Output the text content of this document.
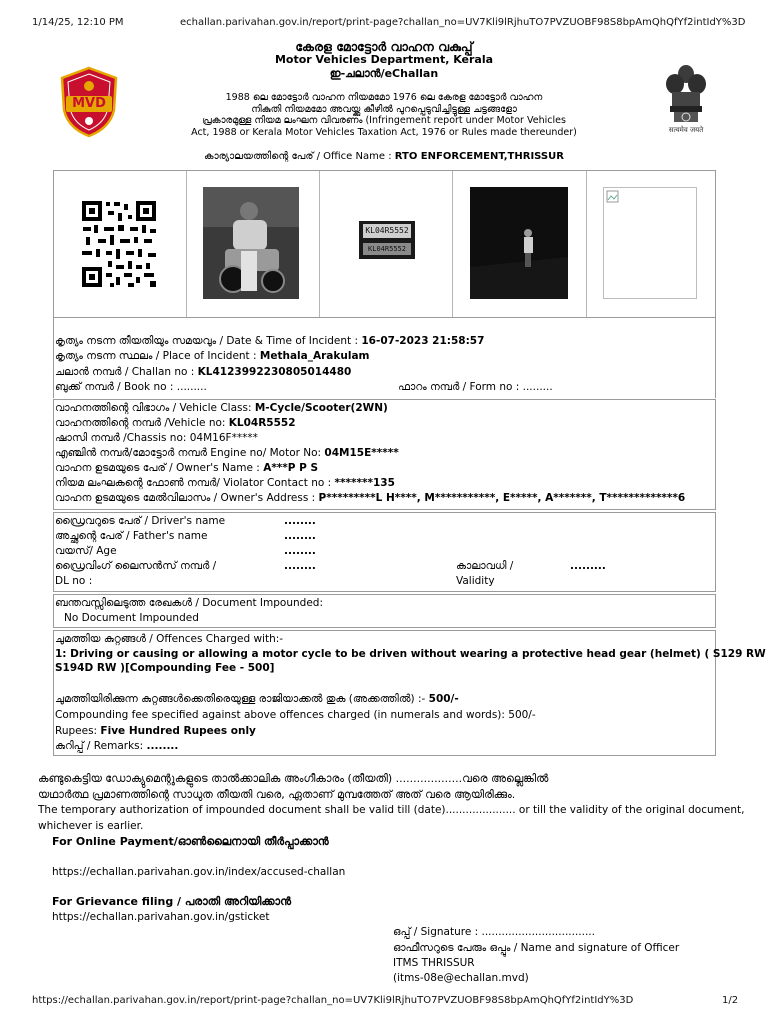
1/14/25, 12:10 PM	echallan.parivahan.gov.in/report/print-page?challan_no=UV7Kli9lRjhuTO7PVZUOBF98S8bpAmQhQfYf2intIdY%3D
MVD
सत्यमेव जयते
കേരള മോട്ടോർ വാഹന വകുപ്പ്
Motor Vehicles Department, Kerala
ഇ-ചലാൻ/eChallan
1988 ലെ മോട്ടോർ വാഹന നിയമമോ 1976 ലെ കേരള മോട്ടോർ വാഹന
നികുതി നിയമമോ അവയ്ക്കു കീഴിൽ പുറപ്പെടുവിച്ചിട്ടുള്ള ചട്ടങ്ങളോ
പ്രകാരമുള്ള നിയമ ലംഘന വിവരണം (Infringement report under Motor Vehicles
Act, 1988 or Kerala Motor Vehicles Taxation Act, 1976 or Rules made thereunder)
കാര്യാലയത്തിന്റെ പേര് / Office Name : RTO ENFORCEMENT,THRISSUR
KL04R5552
KL04R5552
കൃത്യം നടന്ന തീയതിയും സമയവും / Date & Time of Incident : 16-07-2023 21:58:57
കൃത്യം നടന്ന സ്ഥലം / Place of Incident : Methala_Arakulam
ചലാൻ നമ്പർ / Challan no : KL4123992230805014480
ബുക്ക് നമ്പർ / Book no : .........	ഫാറം നമ്പർ / Form no : .........
വാഹനത്തിന്റെ വിഭാഗം / Vehicle Class: M-Cycle/Scooter(2WN)
വാഹനത്തിന്റെ നമ്പർ /Vehicle no: KL04R5552
ഷാസി നമ്പർ /Chassis no: 04M16F*****
എഞ്ചിൻ നമ്പർ/മോട്ടോർ നമ്പർ Engine no/ Motor No: 04M15E*****
വാഹന ഉടമയുടെ പേര് / Owner's Name : A***P P S
നിയമ ലംഘകന്റെ ഫോൺ നമ്പർ/ Violator Contact no : *******135
വാഹന ഉടമയുടെ മേൽവിലാസം / Owner's Address : P*********L H****, M***********, E*****, A*******, T*************6
ഡ്രൈവറുടെ പേര് / Driver's name	........
അച്ഛന്റെ പേര് / Father's name	........
വയസ്/ Age	........
ഡ്രൈവിംഗ് ലൈസൻസ് നമ്പർ /
DL no :
........	കാലാവധി /
Validity
.........
ബന്തവസ്സിലെടുത്ത രേഖകൾ / Document Impounded:
No Document Impounded
ചുമത്തിയ കുറ്റങ്ങൾ / Offences Charged with:-
1: Driving or causing or allowing a motor cycle to be driven without wearing a protective head gear (helmet) ( S129 RW
S194D RW )[Compounding Fee - 500]
ചുമത്തിയിരിക്കുന്ന കുറ്റങ്ങൾക്കെതിരെയുള്ള രാജിയാക്കൽ തുക (അക്കത്തിൽ) :- 500/-
Compounding fee specified against above offences charged (in numerals and words): 500/-
Rupees: Five Hundred Rupees only
കുറിപ്പ് / Remarks: ........
കണ്ടുകെട്ടിയ ഡോക്യുമെന്റുകളുടെ താൽക്കാലിക അംഗീകാരം (തീയതി) ...................വരെ അല്ലെങ്കിൽ
യഥാർത്ഥ പ്രമാണത്തിന്റെ സാധുത തീയതി വരെ, ഏതാണ് മുമ്പത്തേത് അത് വരെ ആയിരിക്കും.
The temporary authorization of impounded document shall be valid till (date)..................... or till the validity of the original document,
whichever is earlier.
For Online Payment/ഓൺലൈനായി തീർപ്പാക്കാൻ
https://echallan.parivahan.gov.in/index/accused-challan
For Grievance filing / പരാതി അറിയിക്കാൻ
https://echallan.parivahan.gov.in/gsticket
ഒപ്പ് / Signature : ..................................
ഓഫീസറുടെ പേരും ഒപ്പും / Name and signature of Officer
ITMS THRISSUR
(itms-08e@echallan.mvd)
https://echallan.parivahan.gov.in/report/print-page?challan_no=UV7Kli9lRjhuTO7PVZUOBF98S8bpAmQhQfYf2intIdY%3D	1/2
